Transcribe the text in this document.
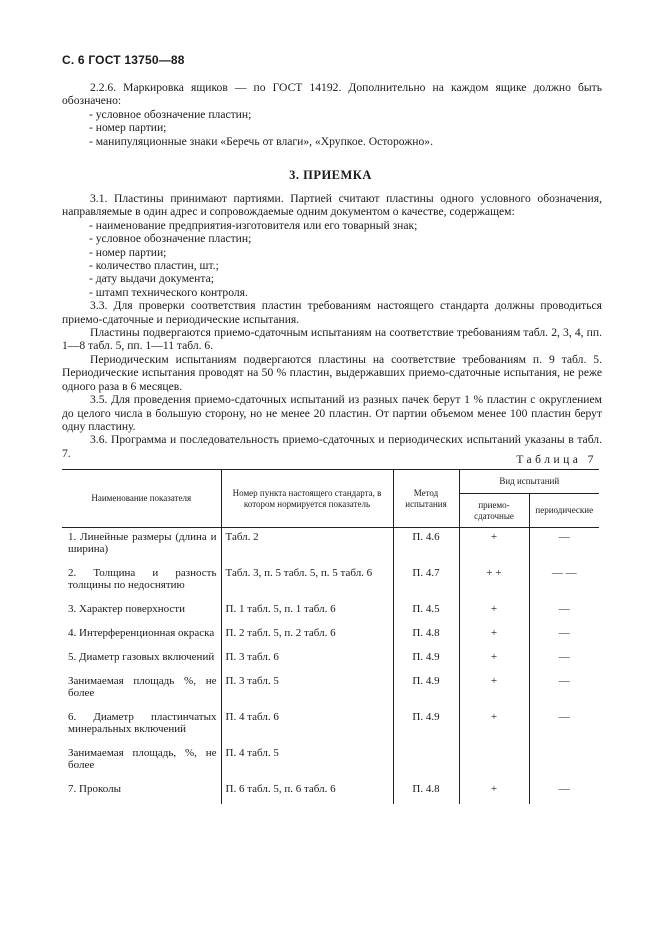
С. 6 ГОСТ 13750—88

2.2.6. Маркировка ящиков — по ГОСТ 14192. Дополнительно на каждом ящике должно быть обозначено:

- условное обозначение пластин;

- номер партии;

- манипуляционные знаки «Беречь от влаги», «Хрупкое. Осторожно».

3. ПРИЕМКА

3.1. Пластины принимают партиями. Партией считают пластины одного условного обозначения, направляемые в один адрес и сопровождаемые одним документом о качестве, содержащем:

- наименование предприятия-изготовителя или его товарный знак;

- условное обозначение пластин;

- номер партии;

- количество пластин, шт.;

- дату выдачи документа;

- штамп технического контроля.

3.3. Для проверки соответствия пластин требованиям настоящего стандарта должны проводиться приемо-сдаточные и периодические испытания.

Пластины подвергаются приемо-сдаточным испытаниям на соответствие требованиям табл. 2, 3, 4, пп. 1—8 табл. 5, пп. 1—11 табл. 6.

Периодическим испытаниям подвергаются пластины на соответствие требованиям п. 9 табл. 5. Периодические испытания проводят на 50 % пластин, выдержавших приемо-сдаточные испытания, не реже одного раза в 6 месяцев.

3.5. Для проведения приемо-сдаточных испытаний из разных пачек берут 1 % пластин с округлением до целого числа в большую сторону, но не менее 20 пластин. От партии объемом менее 100 пластин берут одну пластину.

3.6. Программа и последовательность приемо-сдаточных и периодических испытаний указаны в табл. 7.

Таблица 7
Наименование показателя	Номер пункта настоящего стандарта, в котором нормируется показатель	Метод испытания	Вид испытаний	
			приемо-сдаточные	периодические
1. Линейные размеры (длина и ширина)	Табл. 2	П. 4.6	+	—
2. Толщина и разность толщины по недоснятию	Табл. 3, п. 5 табл. 5, п. 5 табл. 6	П. 4.7	+ +	— —
3. Характер поверхности	П. 1 табл. 5, п. 1 табл. 6	П. 4.5	+	—
4. Интерференционная окраска	П. 2 табл. 5, п. 2 табл. 6	П. 4.8	+	—
5. Диаметр газовых включений	П. 3 табл. 6	П. 4.9	+	—
Занимаемая площадь %, не более	П. 3 табл. 5	П. 4.9	+	—
6. Диаметр пластинчатых минеральных включений	П. 4 табл. 6	П. 4.9	+	—
Занимаемая площадь, %, не более	П. 4 табл. 5			
7. Проколы	П. 6 табл. 5, п. 6 табл. 6	П. 4.8	+	—
